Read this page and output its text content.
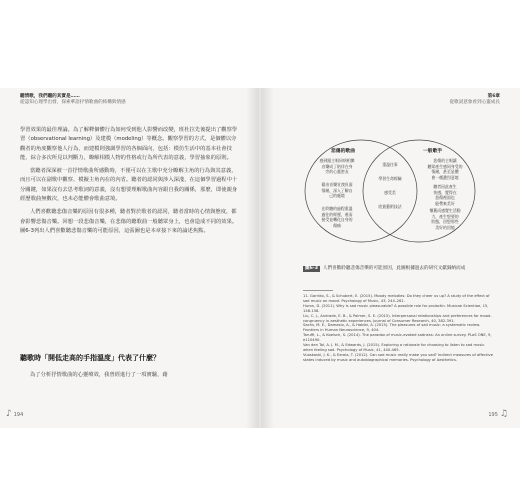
聽情歌，我們聽的其實是……
從認知心理學出發，探索華語抒情歌曲的結構與情感

學習效果的最佳理論。為了解釋個體行為如何受到他人影響而改變，班杜拉先後提出了觀察學習（observational learning）及建模（modeling）等概念。觀察學習的方式，是個體以旁觀者的角度觀察他人行為，而建模則強調學習的各個面向，包括：模仿生活中的基本社會技能，綜合多次所見以判斷力，瞭解相模人物的性格或行為所代表的意義，學習抽象的原則。

當聽者深深被一首抒情歌曲所感動時，不僅可以在主歌中充分瞭解主角的行為與其意義，而且可以在副歌中觀察、模擬主角內在的內省。聽者的認同與涉入深淺，在這個學習過程中十分關鍵，如果沒有去思考歌詞的意義，沒有想要理解歌曲內容跟自我的關係，那麼，即使親身經歷歌曲無數次，也未必能體會歌曲意境。

人們喜歡聽悲傷音樂的原因有很多種，聽者對於歌者的認同，聽者當時的心情與態度，都會影響悲傷音樂。回想一段悲傷音樂，在悲傷的聽歌曲一般聽眾身上，也會造成不同的效果。圖6-3列出人們喜歡聽悲傷音樂的可能原因，這張圖也是本章接下來的論述焦點。

聽歌時「開低走高的手指溫度」代表了什麼？

為了分析抒情歌曲的心靈療效，我曾經進行了一項實驗，藉

♪ 194
第6章
從歌詞意象看到心靈成長
195 ♫
悲傷的歌曲	一般歌手
感到跟主唱同病相憐
音樂成了陪伴在身
旁的心靈密友
藉由音樂宣洩負面
情緒，深入了解自
己的處境
在聆聽的過程重溫
過往的經歷，進而
接受並轉化自身的
傷痛
重溫往事
學習生命經驗
感受美
欣賞藝術技法
悲傷的主唱讓
聽眾產生感同身受的
情緒，甚至是體
會一種濃烈意境
聽者因此產生
快感，覺得在
悲傷裡面也
能帶來美好
懷舊而感覺生活動
力，產生想要的
狀態，回想那些
美好的回憶
圖6-3 人們喜歡聆聽悲傷音樂的可能原因，此圖根據過去的研究文獻歸納而成
11. Garrido, S., & Schubert, E. (2015). Moody melodies: Do they cheer us up? A study of the effect of sad music on mood. Psychology of Music, 43, 244–261.
Huron, D. (2011). Why is sad music pleasurable? A possible role for prolactin. Musicae Scientiae, 15, 146-158.
Liu, C. J., Andrade, E. B., & Palmer, S. E. (2015). Interpersonal relationships and preferences for mood-congruency in aesthetic experiences. Journal of Consumer Research, 40, 382-391.
Sachs, M. E., Damasio, A., & Habibi, A. (2015). The pleasures of sad music: a systematic review. Frontiers in Human Neuroscience, 9, 404.
Taruffi, L., & Koelsch, S. (2014). The paradox of music-evoked sadness: An online survey. PLoS ONE, 9, e110490.
Van den Tol, A. J. M., & Edwards, J. (2015). Exploring a rationale for choosing to listen to sad music when feeling sad. Psychology of Music, 41, 440-465.
Vuoskoski, J. K., & Eerola, T. (2012). Can sad music really make you sad? Indirect measures of affective states induced by music and autobiographical memories. Psychology of Aesthetics.
